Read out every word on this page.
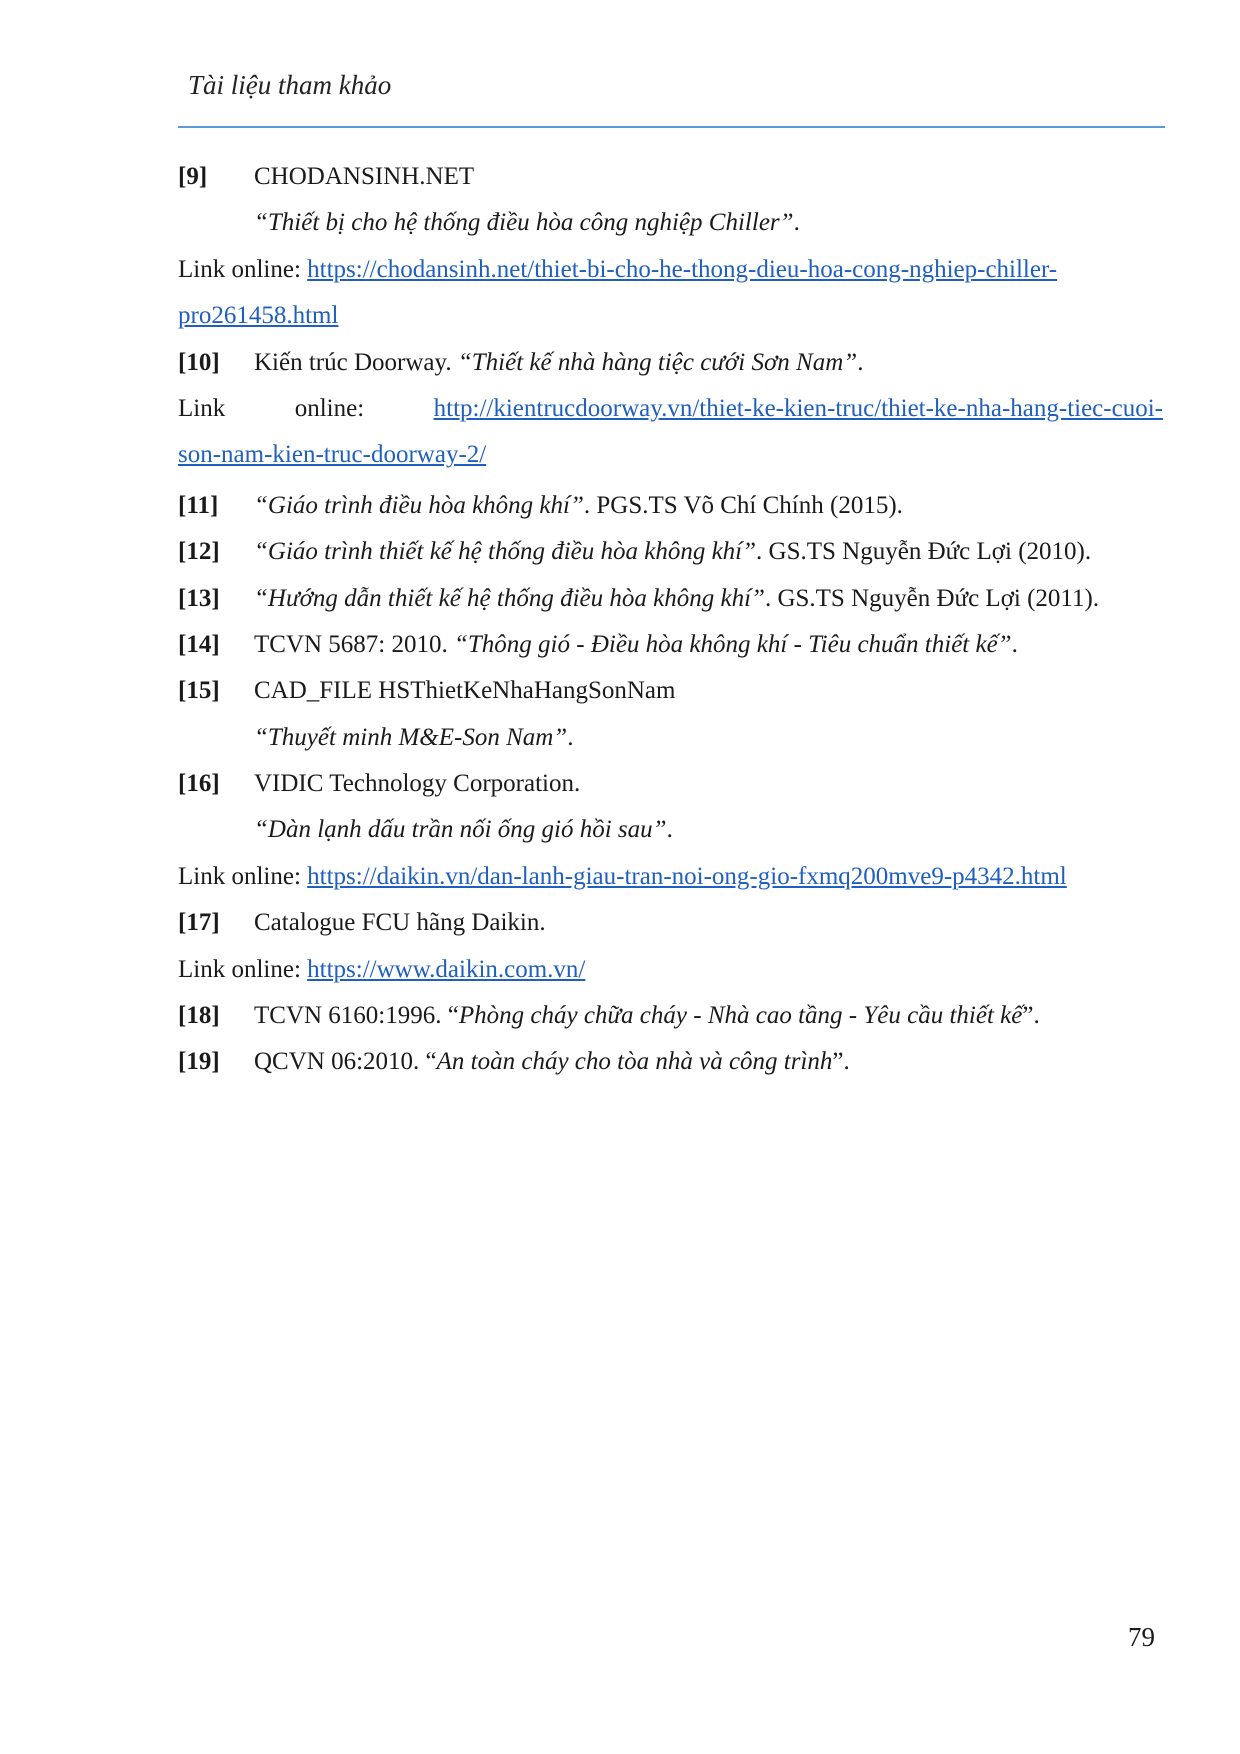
Tài liệu tham khảo
[9] CHODANSINH.NET
“Thiết bị cho hệ thống điều hòa công nghiệp Chiller”.
Link online: https://chodansinh.net/thiet-bi-cho-he-thong-dieu-hoa-cong-nghiep-chiller-
pro261458.html
[10] Kiến trúc Doorway. “Thiết kế nhà hàng tiệc cưới Sơn Nam”.
Link	online:	http://kientrucdoorway.vn/thiet-ke-kien-truc/thiet-ke-nha-hang-tiec-cuoi-
son-nam-kien-truc-doorway-2/
[11] “Giáo trình điều hòa không khí”. PGS.TS Võ Chí Chính (2015).
[12] “Giáo trình thiết kế hệ thống điều hòa không khí”. GS.TS Nguyễn Đức Lợi (2010).
[13] “Hướng dẫn thiết kế hệ thống điều hòa không khí”. GS.TS Nguyễn Đức Lợi (2011).
[14] TCVN 5687: 2010. “Thông gió - Điều hòa không khí - Tiêu chuẩn thiết kế”.
[15] CAD_FILE HSThietKeNhaHangSonNam
“Thuyết minh M&E-Son Nam”.
[16] VIDIC Technology Corporation.
“Dàn lạnh dấu trần nối ống gió hồi sau”.
Link online: https://daikin.vn/dan-lanh-giau-tran-noi-ong-gio-fxmq200mve9-p4342.html
[17] Catalogue FCU hãng Daikin.
Link online: https://www.daikin.com.vn/
[18] TCVN 6160:1996. “Phòng cháy chữa cháy - Nhà cao tầng - Yêu cầu thiết kế”.
[19] QCVN 06:2010. “An toàn cháy cho tòa nhà và công trình”.
79
